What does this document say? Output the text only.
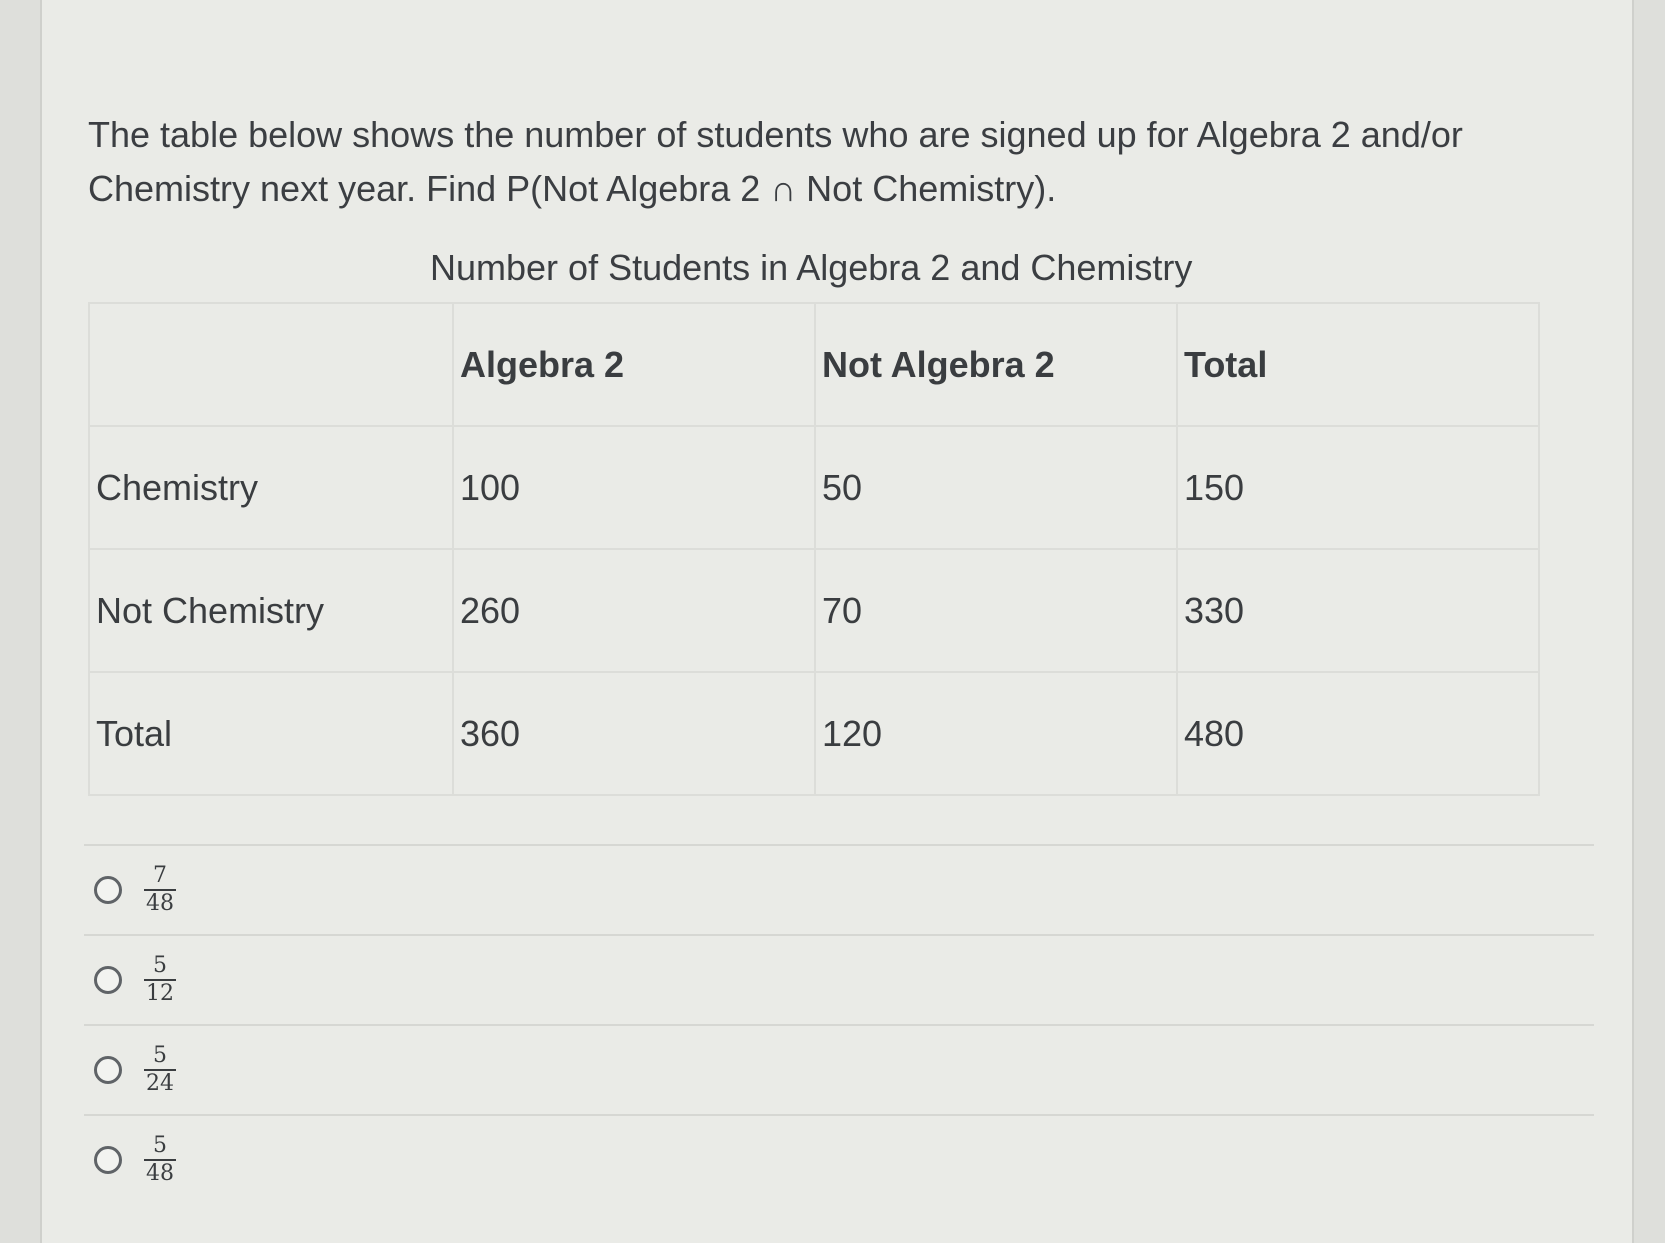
The table below shows the number of students who are signed up for Algebra 2 and/or Chemistry next year. Find P(Not Algebra 2 ∩ Not Chemistry).
Number of Students in Algebra 2 and Chemistry
	Algebra 2	Not Algebra 2	Total
Chemistry	100	50	150
Not Chemistry	260	70	330
Total	360	120	480
$\frac{7}{48}$
$\frac{5}{12}$
$\frac{5}{24}$
$\frac{5}{48}$
